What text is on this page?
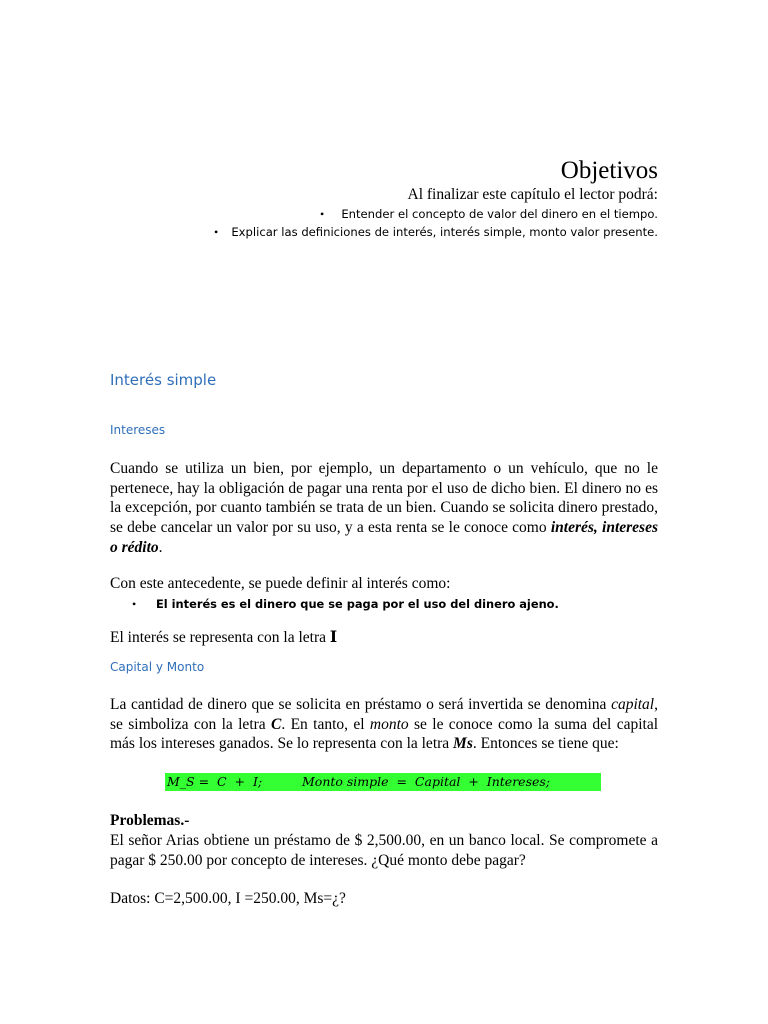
Objetivos
Al finalizar este capítulo el lector podrá:
• Entender el concepto de valor del dinero en el tiempo.
• Explicar las definiciones de interés, interés simple, monto valor presente.
Interés simple
Intereses
Cuando se utiliza un bien, por ejemplo, un departamento o un vehículo, que no le pertenece, hay la obligación de pagar una renta por el uso de dicho bien. El dinero no es la excepción, por cuanto también se trata de un bien. Cuando se solicita dinero prestado, se debe cancelar un valor por su uso, y a esta renta se le conoce como interés, intereses o rédito.
Con este antecedente, se puede definir al interés como:
• El interés es el dinero que se paga por el uso del dinero ajeno.
El interés se representa con la letra I
Capital y Monto
La cantidad de dinero que se solicita en préstamo o será invertida se denomina capital, se simboliza con la letra C. En tanto, el monto se le conoce como la suma del capital más los intereses ganados. Se lo representa con la letra Ms. Entonces se tiene que:
M_S =  C  +  I;	Monto simple  =  Capital  +  Intereses;
Problemas.-
El señor Arias obtiene un préstamo de $ 2,500.00, en un banco local. Se compromete a pagar $ 250.00 por concepto de intereses. ¿Qué monto debe pagar?
Datos: C=2,500.00, I =250.00, Ms=¿?
